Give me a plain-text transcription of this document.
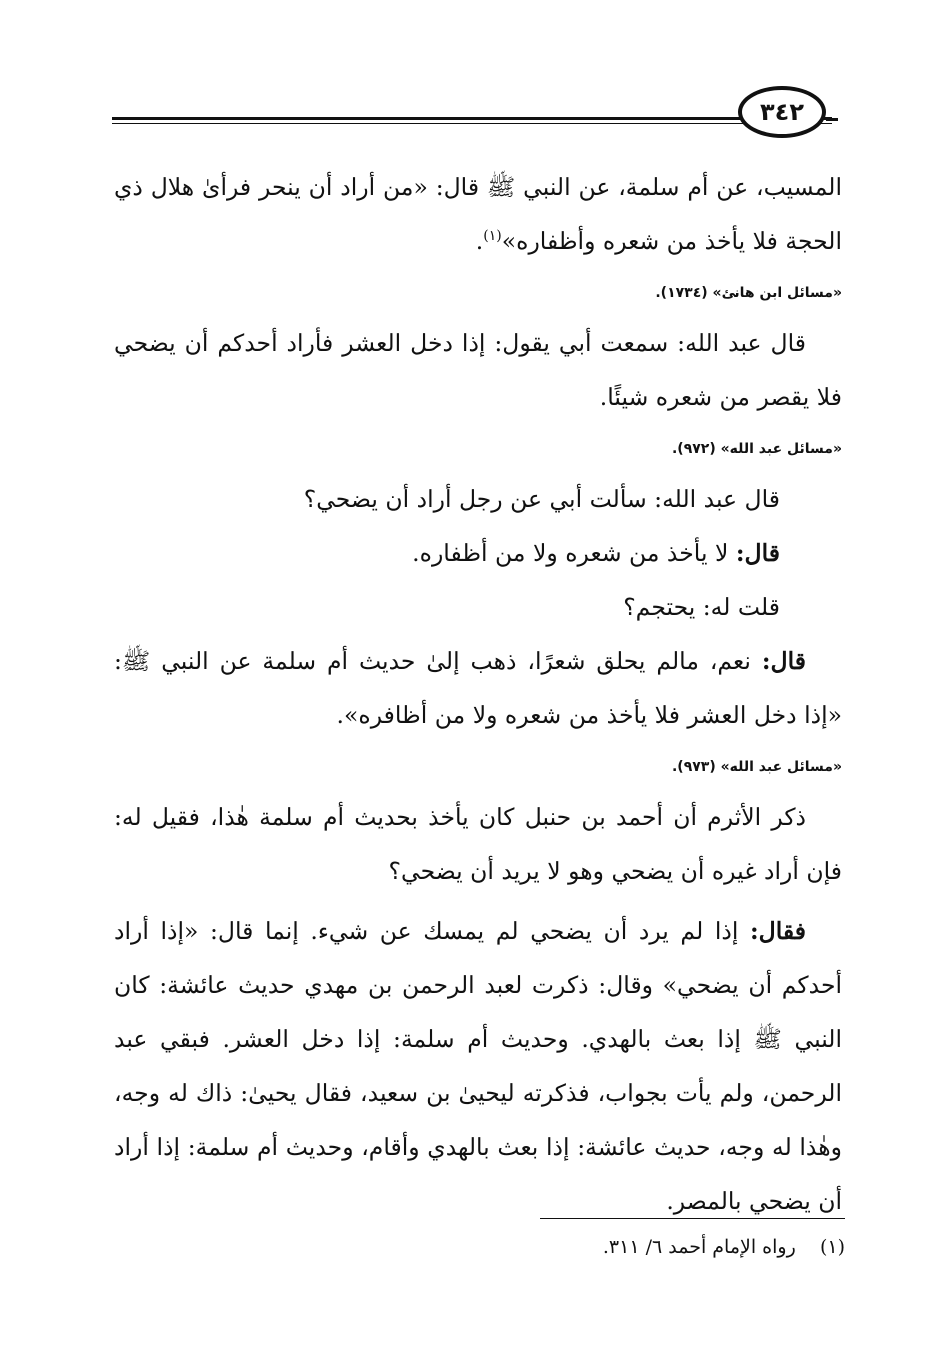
٣٤٢

المسيب، عن أم سلمة، عن النبي ﷺ قال: «من أراد أن ينحر فرأىٰ هلال ذي الحجة فلا يأخذ من شعره وأظفاره»$^{(١)}$.

«مسائل ابن هانئ» (١٧٣٤).

قال عبد الله: سمعت أبي يقول: إذا دخل العشر فأراد أحدكم أن يضحي فلا يقصر من شعره شيئًا.

«مسائل عبد الله» (٩٧٢).

قال عبد الله: سألت أبي عن رجل أراد أن يضحي؟

قال: لا يأخذ من شعره ولا من أظفاره.

قلت له: يحتجم؟

قال: نعم، مالم يحلق شعرًا، ذهب إلىٰ حديث أم سلمة عن النبي ﷺ: «إذا دخل العشر فلا يأخذ من شعره ولا من أظافره».

«مسائل عبد الله» (٩٧٣).

ذكر الأثرم أن أحمد بن حنبل كان يأخذ بحديث أم سلمة هٰذا، فقيل له: فإن أراد غيره أن يضحي وهو لا يريد أن يضحي؟

فقال: إذا لم يرد أن يضحي لم يمسك عن شيء. إنما قال: «إذا أراد أحدكم أن يضحي» وقال: ذكرت لعبد الرحمن بن مهدي حديث عائشة: كان النبي ﷺ إذا بعث بالهدي. وحديث أم سلمة: إذا دخل العشر. فبقي عبد الرحمن، ولم يأت بجواب، فذكرته ليحيىٰ بن سعيد، فقال يحيىٰ: ذاك له وجه، وهٰذا له وجه، حديث عائشة: إذا بعث بالهدي وأقام، وحديث أم سلمة: إذا أراد أن يضحي بالمصر.

(١)    رواه الإمام أحمد ٦/ ٣١١.
